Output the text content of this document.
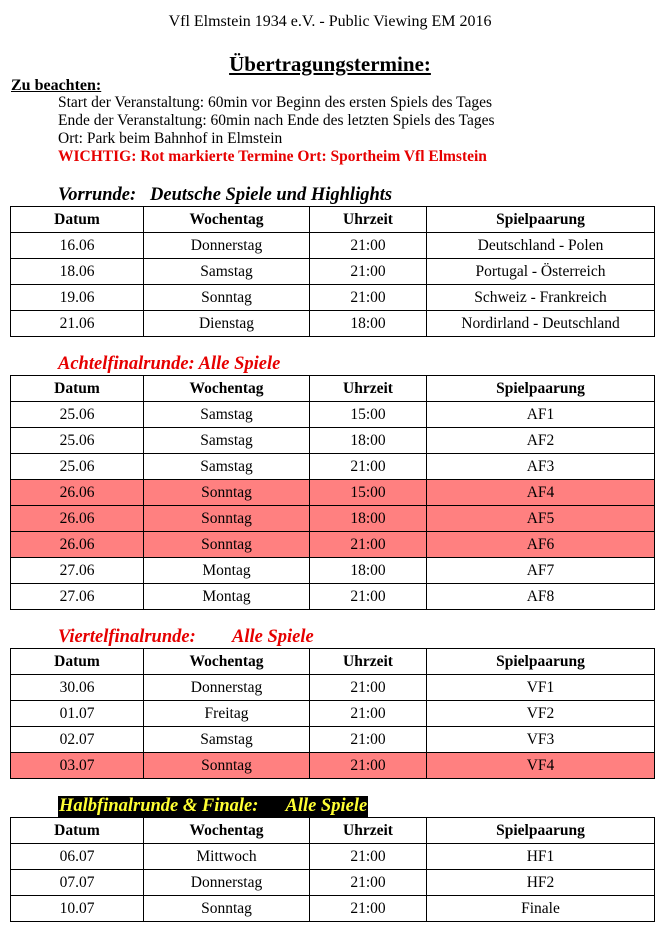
Vfl Elmstein 1934 e.V. - Public Viewing EM 2016
Übertragungstermine:
Zu beachten:
Start der Veranstaltung: 60min vor Beginn des ersten Spiels des Tages
Ende der Veranstaltung: 60min nach Ende des letzten Spiels des Tages
Ort: Park beim Bahnhof in Elmstein
WICHTIG: Rot markierte Termine Ort: Sportheim Vfl Elmstein
Vorrunde:   Deutsche Spiele und Highlights
Datum	Wochentag	Uhrzeit	Spielpaarung
16.06	Donnerstag	21:00	Deutschland - Polen
18.06	Samstag	21:00	Portugal - Österreich
19.06	Sonntag	21:00	Schweiz - Frankreich
21.06	Dienstag	18:00	Nordirland - Deutschland
Achtelfinalrunde: Alle Spiele
Datum	Wochentag	Uhrzeit	Spielpaarung
25.06	Samstag	15:00	AF1
25.06	Samstag	18:00	AF2
25.06	Samstag	21:00	AF3
26.06	Sonntag	15:00	AF4
26.06	Sonntag	18:00	AF5
26.06	Sonntag	21:00	AF6
27.06	Montag	18:00	AF7
27.06	Montag	21:00	AF8
Viertelfinalrunde:        Alle Spiele
Datum	Wochentag	Uhrzeit	Spielpaarung
30.06	Donnerstag	21:00	VF1
01.07	Freitag	21:00	VF2
02.07	Samstag	21:00	VF3
03.07	Sonntag	21:00	VF4
Halbfinalrunde & Finale:      Alle Spiele
Datum	Wochentag	Uhrzeit	Spielpaarung
06.07	Mittwoch	21:00	HF1
07.07	Donnerstag	21:00	HF2
10.07	Sonntag	21:00	Finale
